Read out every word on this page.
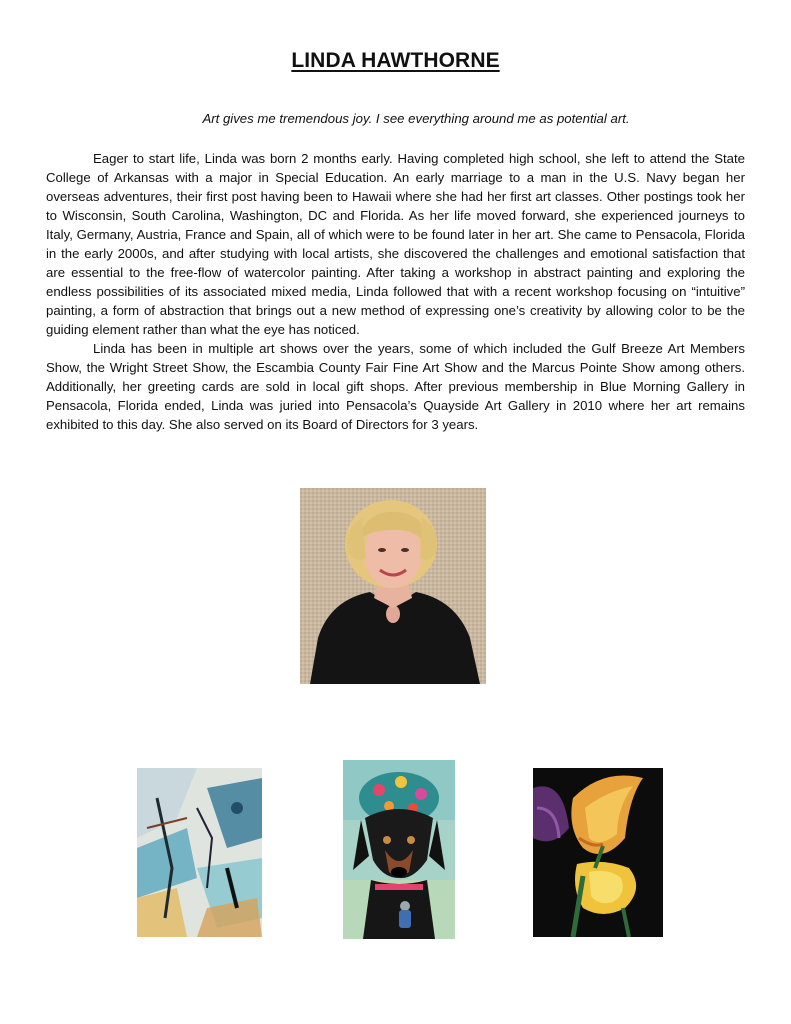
LINDA HAWTHORNE
Art gives me tremendous joy. I see everything around me as potential art.

Eager to start life, Linda was born 2 months early. Having completed high school, she left to attend the State College of Arkansas with a major in Special Education. An early marriage to a man in the U.S. Navy began her overseas adventures, their first post having been to Hawaii where she had her first art classes. Other postings took her to Wisconsin, South Carolina, Washington, DC and Florida. As her life moved forward, she experienced journeys to Italy, Germany, Austria, France and Spain, all of which were to be found later in her art. She came to Pensacola, Florida in the early 2000s, and after studying with local artists, she discovered the challenges and emotional satisfaction that are essential to the free-flow of watercolor painting. After taking a workshop in abstract painting and exploring the endless possibilities of its associated mixed media, Linda followed that with a recent workshop focusing on “intuitive” painting, a form of abstraction that brings out a new method of expressing one’s creativity by allowing color to be the guiding element rather than what the eye has noticed.

Linda has been in multiple art shows over the years, some of which included the Gulf Breeze Art Members Show, the Wright Street Show, the Escambia County Fair Fine Art Show and the Marcus Pointe Show among others. Additionally, her greeting cards are sold in local gift shops. After previous membership in Blue Morning Gallery in Pensacola, Florida ended, Linda was juried into Pensacola’s Quayside Art Gallery in 2010 where her art remains exhibited to this day. She also served on its Board of Directors for 3 years.
